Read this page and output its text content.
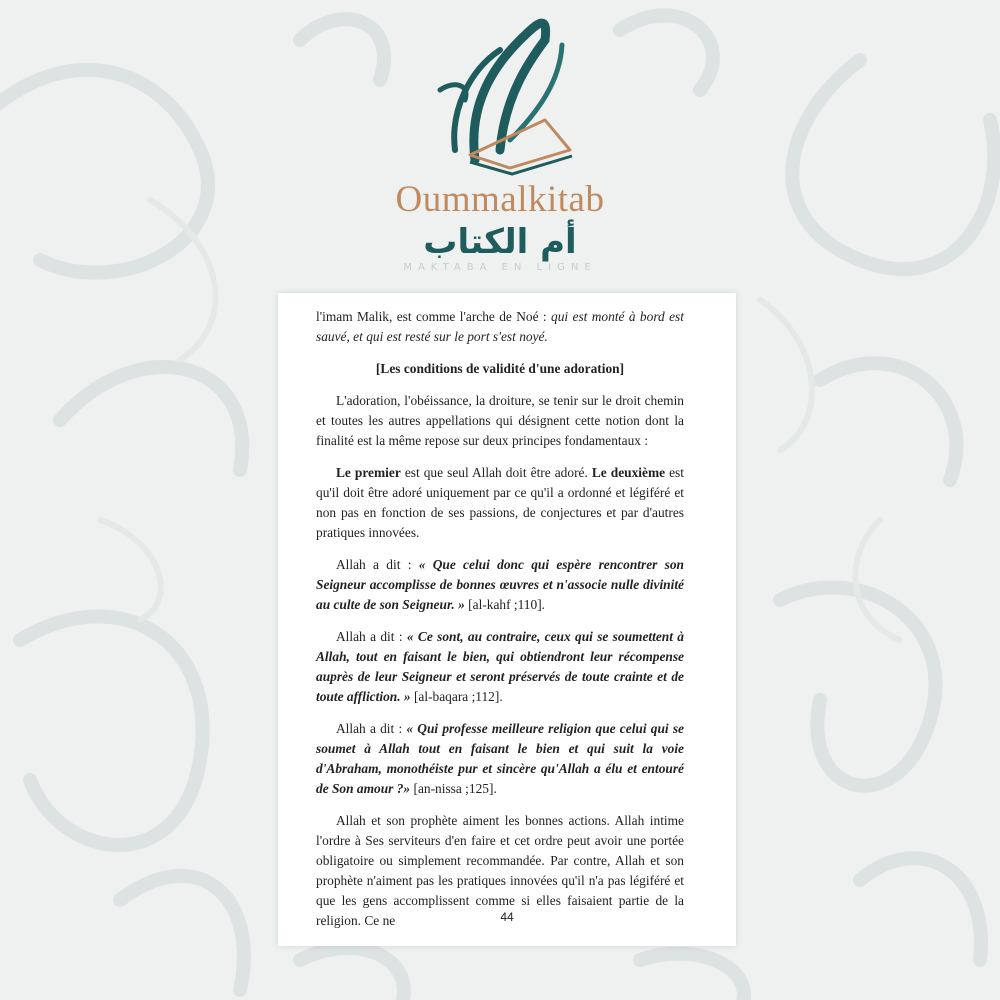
Oummalkitab
أم الكتاب
MAKTABA EN LIGNE

l'imam Malik, est comme l'arche de Noé : qui est monté à bord est sauvé, et qui est resté sur le port s'est noyé.

[Les conditions de validité d'une adoration]

L'adoration, l'obéissance, la droiture, se tenir sur le droit chemin et toutes les autres appellations qui désignent cette notion dont la finalité est la même repose sur deux principes fondamentaux :

Le premier est que seul Allah doit être adoré. Le deuxième est qu'il doit être adoré uniquement par ce qu'il a ordonné et légiféré et non pas en fonction de ses passions, de conjectures et par d'autres pratiques innovées.

Allah a dit : « Que celui donc qui espère rencontrer son Seigneur accomplisse de bonnes œuvres et n'associe nulle divinité au culte de son Seigneur. » [al-kahf ;110].

Allah a dit : « Ce sont, au contraire, ceux qui se soumettent à Allah, tout en faisant le bien, qui obtiendront leur récompense auprès de leur Seigneur et seront préservés de toute crainte et de toute affliction. » [al-baqara ;112].

Allah a dit : « Qui professe meilleure religion que celui qui se soumet à Allah tout en faisant le bien et qui suit la voie d'Abraham, monothéiste pur et sincère qu'Allah a élu et entouré de Son amour ?» [an-nissa ;125].

Allah et son prophète aiment les bonnes actions. Allah intime l'ordre à Ses serviteurs d'en faire et cet ordre peut avoir une portée obligatoire ou simplement recommandée. Par contre, Allah et son prophète n'aiment pas les pratiques innovées qu'il n'a pas légiféré et que les gens accomplissent comme si elles faisaient partie de la religion. Ce ne	44
